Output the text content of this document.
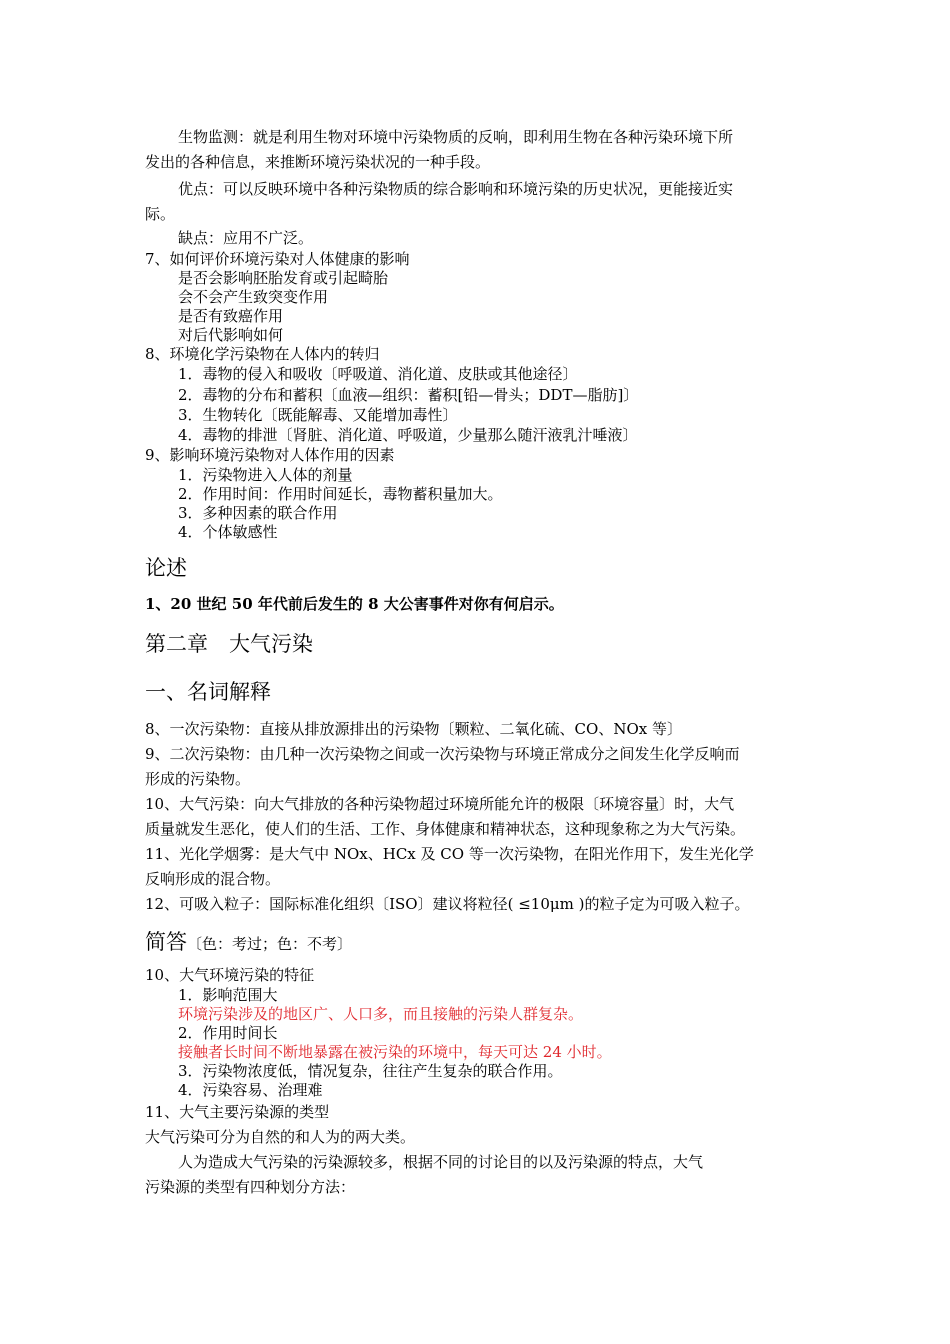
生物监测：就是利用生物对环境中污染物质的反响，即利用生物在各种污染环境下所
发出的各种信息，来推断环境污染状况的一种手段。
优点：可以反映环境中各种污染物质的综合影响和环境污染的历史状况，更能接近实
际。
缺点：应用不广泛。
7、如何评价环境污染对人体健康的影响
是否会影响胚胎发育或引起畸胎
会不会产生致突变作用
是否有致癌作用
对后代影响如何
8、环境化学污染物在人体内的转归
1．毒物的侵入和吸收〔呼吸道、消化道、皮肤或其他途径〕
2．毒物的分布和蓄积〔血液—组织：蓄积[铅—骨头；DDT—脂肪]〕
3．生物转化〔既能解毒、又能增加毒性〕
4．毒物的排泄〔肾脏、消化道、呼吸道，少量那么随汗液乳汁唾液〕
9、影响环境污染物对人体作用的因素
1．污染物进入人体的剂量
2．作用时间：作用时间延长，毒物蓄积量加大。
3．多种因素的联合作用
4．个体敏感性
论述
1、20 世纪 50 年代前后发生的 8 大公害事件对你有何启示。
第二章　大气污染
一、名词解释
8、一次污染物：直接从排放源排出的污染物〔颗粒、二氧化硫、CO、NOx 等〕
9、二次污染物：由几种一次污染物之间或一次污染物与环境正常成分之间发生化学反响而
形成的污染物。
10、大气污染：向大气排放的各种污染物超过环境所能允许的极限〔环境容量〕时，大气
质量就发生恶化，使人们的生活、工作、身体健康和精神状态，这种现象称之为大气污染。
11、光化学烟雾：是大气中 NOx、HCx 及 CO 等一次污染物，在阳光作用下，发生光化学
反响形成的混合物。
12、可吸入粒子：国际标准化组织〔ISO〕建议将粒径( ≤10μm )的粒子定为可吸入粒子。
简答〔色：考过；色：不考〕
10、大气环境污染的特征
1．影响范围大
环境污染涉及的地区广、人口多，而且接触的污染人群复杂。
2．作用时间长
接触者长时间不断地暴露在被污染的环境中，每天可达 24 小时。
3．污染物浓度低，情况复杂，往往产生复杂的联合作用。
4．污染容易、治理难
11、大气主要污染源的类型
大气污染可分为自然的和人为的两大类。
人为造成大气污染的污染源较多，根据不同的讨论目的以及污染源的特点，大气
污染源的类型有四种划分方法：
